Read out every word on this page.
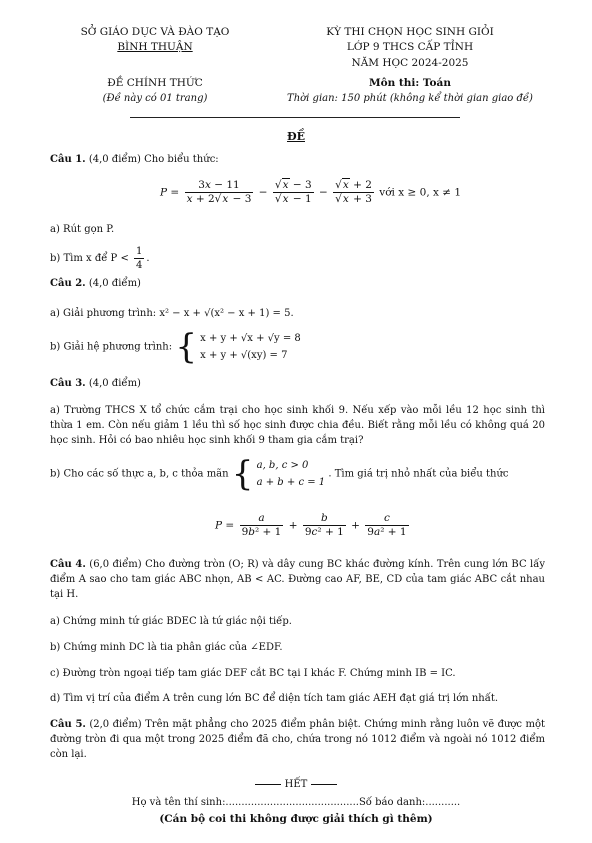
SỞ GIÁO DỤC VÀ ĐÀO TẠO
BÌNH THUẬN
ĐỀ CHÍNH THỨC
(Đề này có 01 trang)
KỲ THI CHỌN HỌC SINH GIỎI
LỚP 9 THCS CẤP TỈNH
NĂM HỌC 2024-2025
Môn thi: Toán
Thời gian: 150 phút (không kể thời gian giao đề)
ĐỀ
Câu 1. (4,0 điểm) Cho biểu thức:
$P = \frac{3x - 11}{x + 2√x - 3} - \frac{√x - 3}{√x - 1} - \frac{√x + 2}{√x + 3}$ với x ≥ 0, x ≠ 1
a) Rút gọn P.
b) Tìm x để $P < \frac{1}{4}$ .
Câu 2. (4,0 điểm)
a) Giải phương trình: x² − x + √(x² − x + 1) = 5.
b) Giải hệ phương trình: { x + y + √x + √y = 8
x + y + √(xy) = 7
Câu 3. (4,0 điểm)
a) Trường THCS X tổ chức cắm trại cho học sinh khối 9. Nếu xếp vào mỗi lều 12 học sinh thì thừa 1 em. Còn nếu giảm 1 lều thì số học sinh được chia đều. Biết rằng mỗi lều có không quá 20 học sinh. Hỏi có bao nhiêu học sinh khối 9 tham gia cắm trại?
b) Cho các số thực a, b, c thỏa mãn { a, b, c > 0
a + b + c = 1
. Tìm giá trị nhỏ nhất của biểu thức
$P = \frac{a}{\text{9b² + 1}} + \frac{b}{\text{9c² + 1}} + \frac{c}{\text{9a² + 1}}$
Câu 4. (6,0 điểm) Cho đường tròn (O; R) và dây cung BC khác đường kính. Trên cung lớn BC lấy điểm A sao cho tam giác ABC nhọn, AB < AC. Đường cao AF, BE, CD của tam giác ABC cắt nhau tại H.
a) Chứng minh tứ giác BDEC là tứ giác nội tiếp.
b) Chứng minh DC là tia phân giác của ∠EDF.
c) Đường tròn ngoại tiếp tam giác DEF cắt BC tại I khác F. Chứng minh IB = IC.
d) Tìm vị trí của điểm A trên cung lớn BC để diện tích tam giác AEH đạt giá trị lớn nhất.
Câu 5. (2,0 điểm) Trên mặt phẳng cho 2025 điểm phân biệt. Chứng minh rằng luôn vẽ được một đường tròn đi qua một trong 2025 điểm đã cho, chứa trong nó 1012 điểm và ngoài nó 1012 điểm còn lại.
HẾT
Họ và tên thí sinh:..........................................Số báo danh:...........
(Cán bộ coi thi không được giải thích gì thêm)
